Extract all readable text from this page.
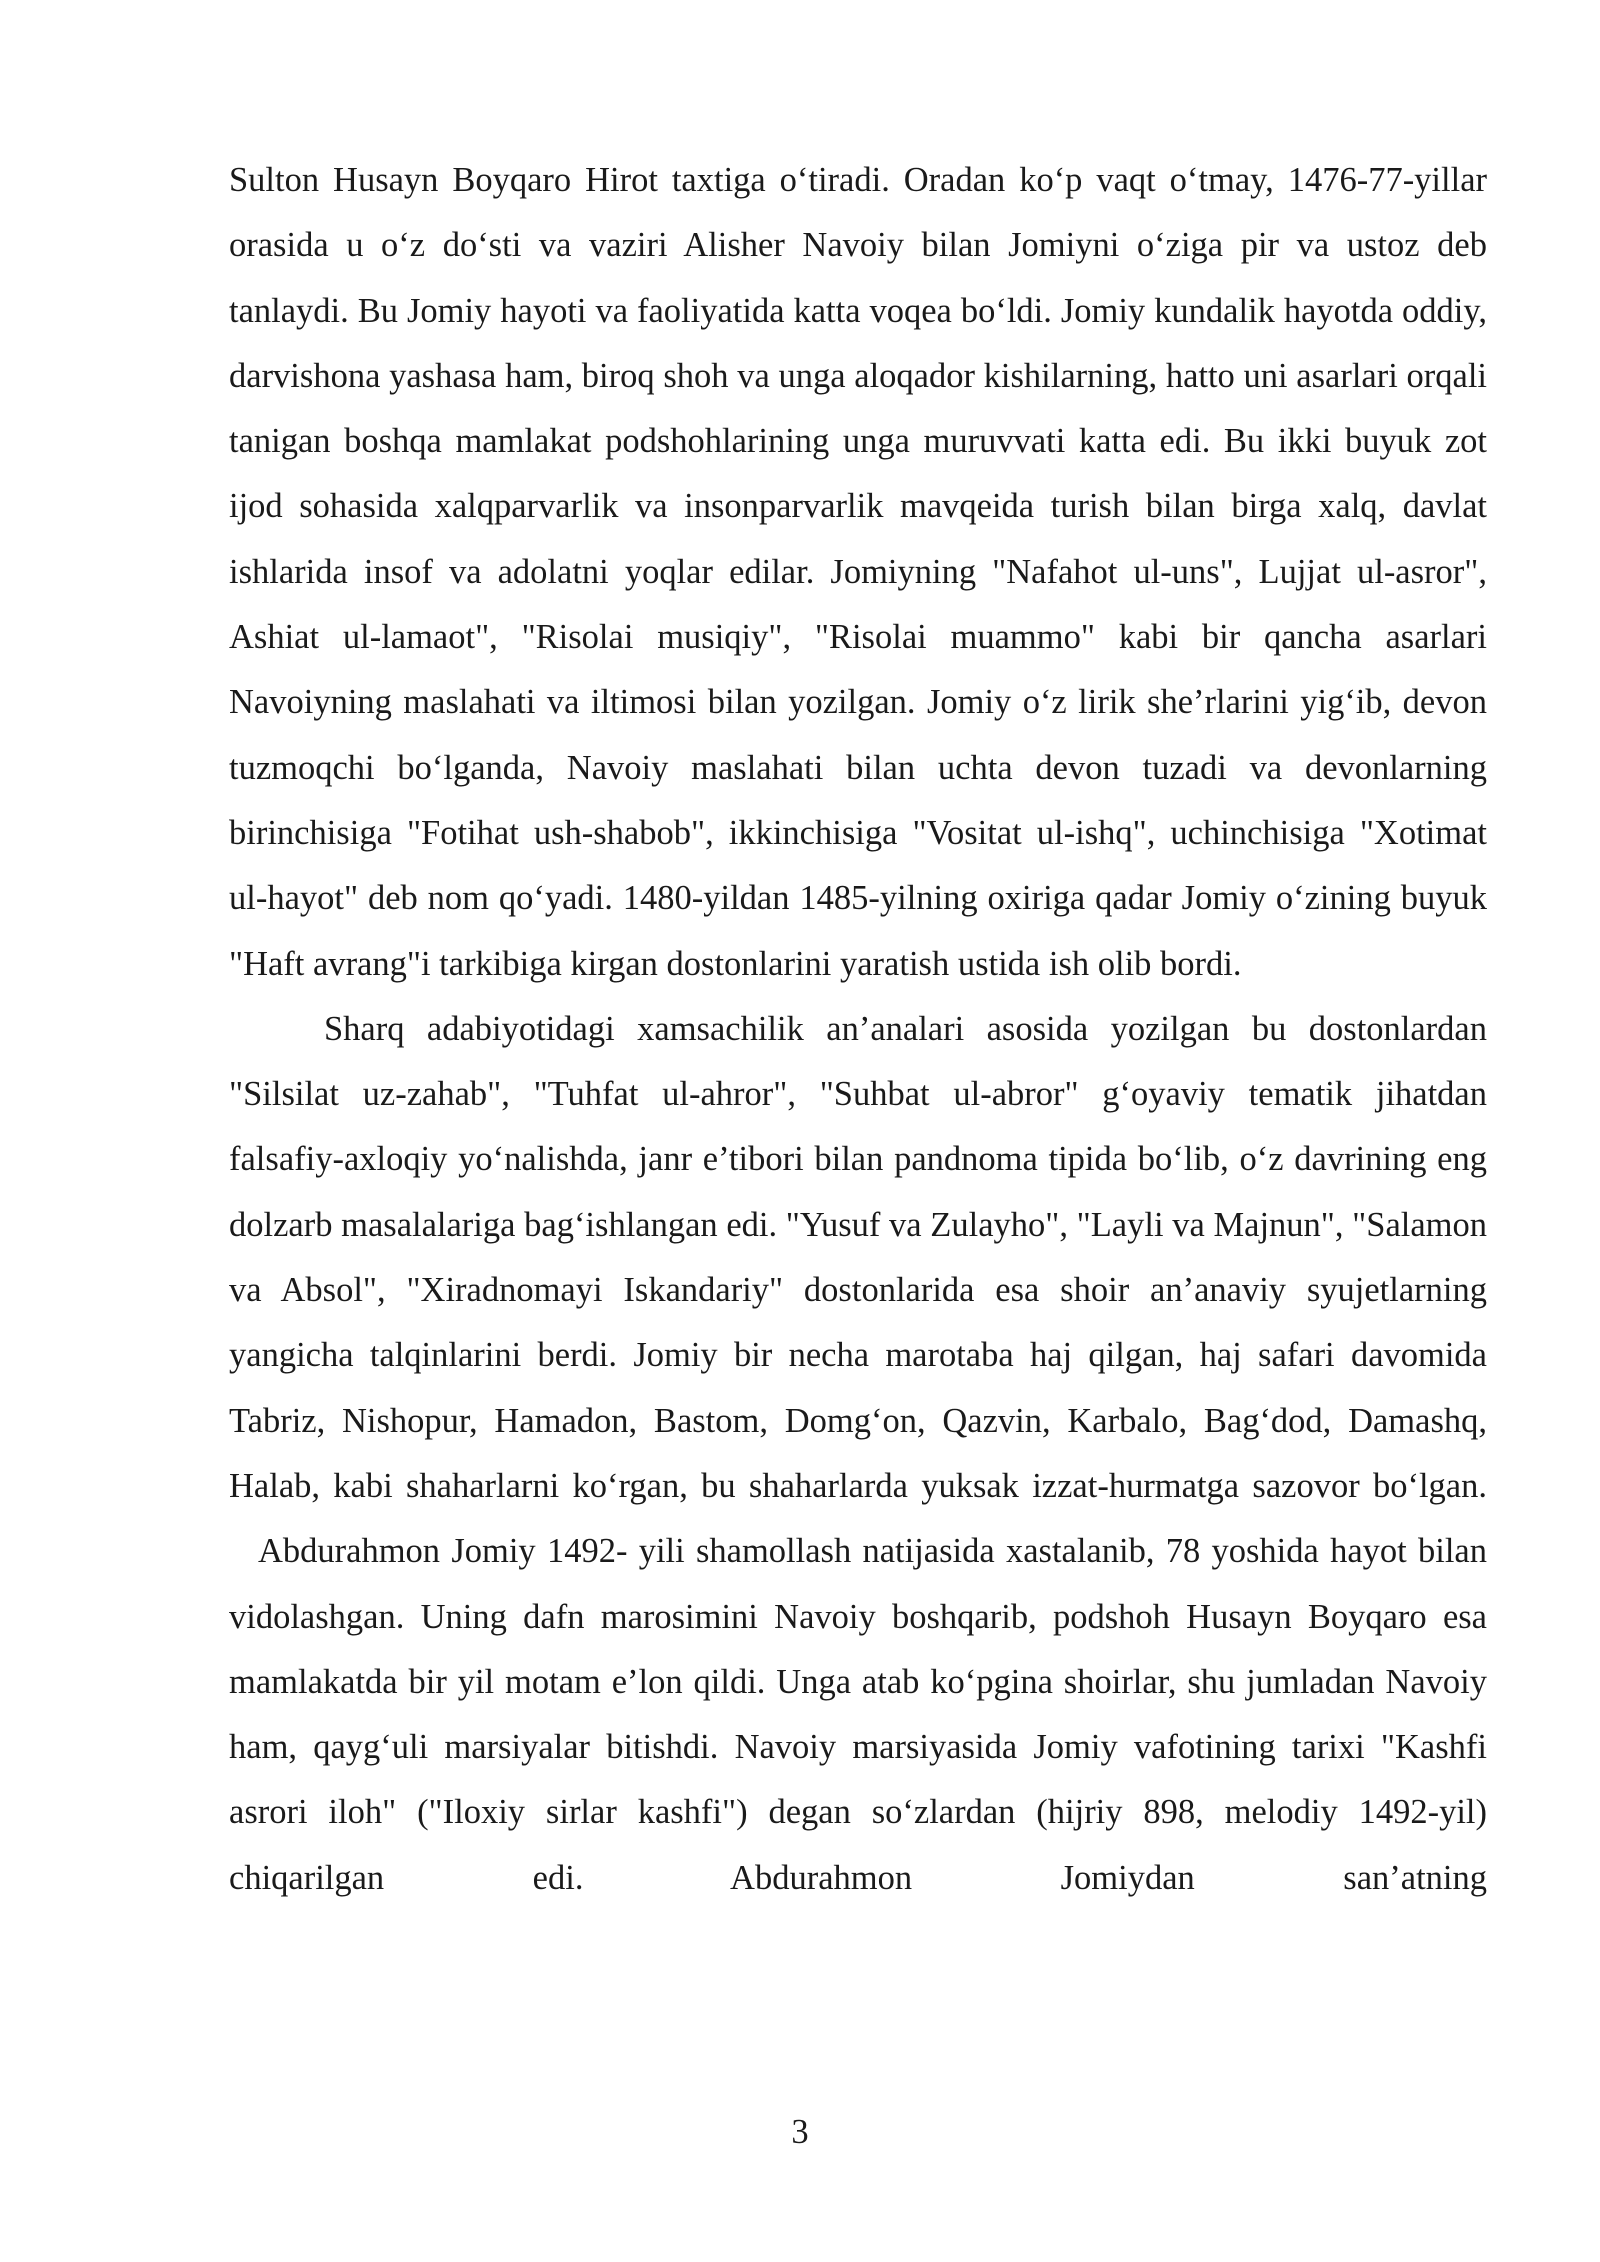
Sulton Husayn Boyqaro Hirot taxtiga o‘tiradi. Oradan ko‘p vaqt o‘tmay, 1476-77-yillar orasida u o‘z do‘sti va vaziri Alisher Navoiy bilan Jomiyni o‘ziga pir va ustoz deb tanlaydi. Bu Jomiy hayoti va faoliyatida katta voqea bo‘ldi. Jomiy kundalik hayotda oddiy, darvishona yashasa ham, biroq shoh va unga aloqador kishilarning, hatto uni asarlari orqali tanigan boshqa mamlakat podshohlarining unga muruvvati katta edi. Bu ikki buyuk zot ijod sohasida xalqparvarlik va insonparvarlik mavqeida turish bilan birga xalq, davlat ishlarida insof va adolatni yoqlar edilar. Jomiyning "Nafahot ul-uns", Lujjat ul-asror", Ashiat ul-lamaot", "Risolai musiqiy", "Risolai muammo" kabi bir qancha asarlari Navoiyning maslahati va iltimosi bilan yozilgan. Jomiy o‘z lirik she’rlarini yig‘ib, devon tuzmoqchi bo‘lganda, Navoiy maslahati bilan uchta devon tuzadi va devonlarning birinchisiga "Fotihat ush-shabob", ikkinchisiga "Vositat ul-ishq", uchinchisiga "Xotimat ul-hayot" deb nom qo‘yadi. 1480-yildan 1485-yilning oxiriga qadar Jomiy o‘zining buyuk "Haft avrang"i tarkibiga kirgan dostonlarini yaratish ustida ish olib bordi.

Sharq adabiyotidagi xamsachilik an’analari asosida yozilgan bu dostonlardan "Silsilat uz-zahab", "Tuhfat ul-ahror", "Suhbat ul-abror" g‘oyaviy tematik jihatdan falsafiy-axloqiy yo‘nalishda, janr e’tibori bilan pandnoma tipida bo‘lib, o‘z davrining eng dolzarb masalalariga bag‘ishlangan edi. "Yusuf va Zulayho", "Layli va Majnun", "Salamon va Absol", "Xiradnomayi Iskandariy" dostonlarida esa shoir an’anaviy syujetlarning yangicha talqinlarini berdi. Jomiy bir necha marotaba haj qilgan, haj safari davomida Tabriz, Nishopur, Hamadon, Bastom, Domg‘on, Qazvin, Karbalo, Bag‘dod, Damashq, Halab, kabi shaharlarni ko‘rgan, bu shaharlarda yuksak izzat-hurmatga sazovor bo‘lgan.

Abdurahmon Jomiy 1492- yili shamollash natijasida xastalanib, 78 yoshida hayot bilan vidolashgan. Uning dafn marosimini Navoiy boshqarib, podshoh Husayn Boyqaro esa mamlakatda bir yil motam e’lon qildi. Unga atab ko‘pgina shoirlar, shu jumladan Navoiy ham, qayg‘uli marsiyalar bitishdi. Navoiy marsiyasida Jomiy vafotining tarixi "Kashfi asrori iloh" ("Iloxiy sirlar kashfi") degan so‘zlardan (hijriy 898, melodiy 1492-yil) chiqarilgan edi. Abdurahmon Jomiydan san’atning

3
